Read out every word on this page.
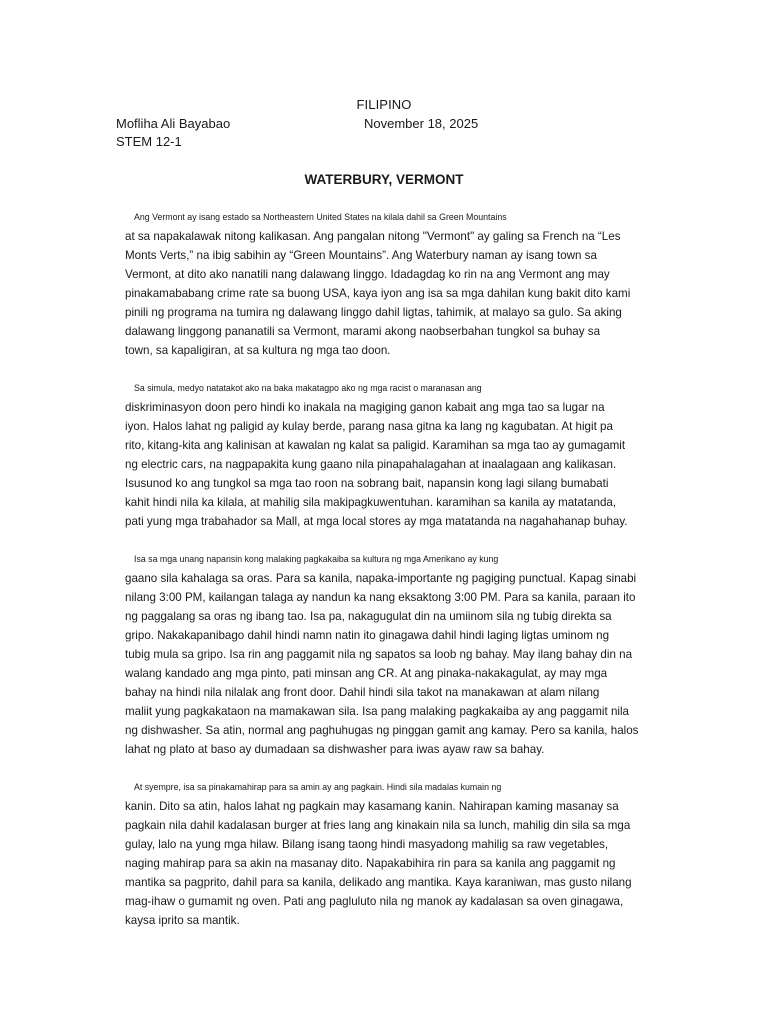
FILIPINO
Mofliha Ali Bayabao	November 18, 2025
STEM 12-1
WATERBURY, VERMONT
Ang Vermont ay isang estado sa Northeastern United States na kilala dahil sa Green Mountains
at sa napakalawak nitong kalikasan. Ang pangalan nitong "Vermont" ay galing sa French na “Les
Monts Verts,” na ibig sabihin ay “Green Mountains”. Ang Waterbury naman ay isang town sa
Vermont, at dito ako nanatili nang dalawang linggo. Idadagdag ko rin na ang Vermont ang may
pinakamababang crime rate sa buong USA, kaya iyon ang isa sa mga dahilan kung bakit dito kami
pinili ng programa na tumira ng dalawang linggo dahil ligtas, tahimik, at malayo sa gulo. Sa aking
dalawang linggong pananatili sa Vermont, marami akong naobserbahan tungkol sa buhay sa
town, sa kapaligiran, at sa kultura ng mga tao doon.
Sa simula, medyo natatakot ako na baka makatagpo ako ng mga racist o maranasan ang
diskriminasyon doon pero hindi ko inakala na magiging ganon kabait ang mga tao sa lugar na
iyon. Halos lahat ng paligid ay kulay berde, parang nasa gitna ka lang ng kagubatan. At higit pa
rito, kitang-kita ang kalinisan at kawalan ng kalat sa paligid. Karamihan sa mga tao ay gumagamit
ng electric cars, na nagpapakita kung gaano nila pinapahalagahan at inaalagaan ang kalikasan.
Isusunod ko ang tungkol sa mga tao roon na sobrang bait, napansin kong lagi silang bumabati
kahit hindi nila ka kilala, at mahilig sila makipagkuwentuhan. karamihan sa kanila ay matatanda,
pati yung mga trabahador sa Mall, at mga local stores ay mga matatanda na nagahahanap buhay.
Isa sa mga unang napansin kong malaking pagkakaiba sa kultura ng mga Amerikano ay kung
gaano sila kahalaga sa oras. Para sa kanila, napaka-importante ng pagiging punctual. Kapag sinabi
nilang 3:00 PM, kailangan talaga ay nandun ka nang eksaktong 3:00 PM. Para sa kanila, paraan ito
ng paggalang sa oras ng ibang tao. Isa pa, nakagugulat din na umiinom sila ng tubig direkta sa
gripo. Nakakapanibago dahil hindi namn natin ito ginagawa dahil hindi laging ligtas uminom ng
tubig mula sa gripo. Isa rin ang paggamit nila ng sapatos sa loob ng bahay. May ilang bahay din na
walang kandado ang mga pinto, pati minsan ang CR. At ang pinaka-nakakagulat, ay may mga
bahay na hindi nila nilalak ang front door. Dahil hindi sila takot na manakawan at alam nilang
maliit yung pagkakataon na mamakawan sila. Isa pang malaking pagkakaiba ay ang paggamit nila
ng dishwasher. Sa atin, normal ang paghuhugas ng pinggan gamit ang kamay. Pero sa kanila, halos
lahat ng plato at baso ay dumadaan sa dishwasher para iwas ayaw raw sa bahay.
At syempre, isa sa pinakamahirap para sa amin ay ang pagkain. Hindi sila madalas kumain ng
kanin. Dito sa atin, halos lahat ng pagkain may kasamang kanin. Nahirapan kaming masanay sa
pagkain nila dahil kadalasan burger at fries lang ang kinakain nila sa lunch, mahilig din sila sa mga
gulay, lalo na yung mga hilaw. Bilang isang taong hindi masyadong mahilig sa raw vegetables,
naging mahirap para sa akin na masanay dito. Napakabihira rin para sa kanila ang paggamit ng
mantika sa pagprito, dahil para sa kanila, delikado ang mantika. Kaya karaniwan, mas gusto nilang
mag-ihaw o gumamit ng oven. Pati ang pagluluto nila ng manok ay kadalasan sa oven ginagawa,
kaysa iprito sa mantik.
